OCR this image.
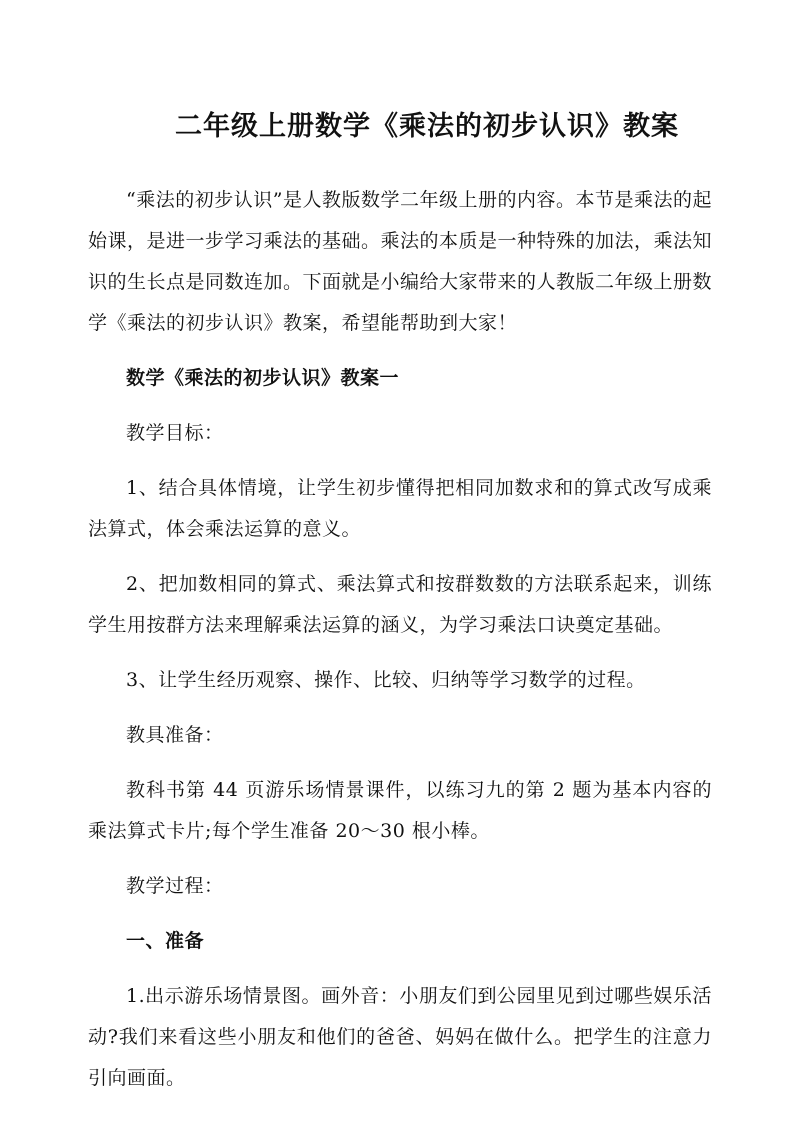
二年级上册数学《乘法的初步认识》教案

“乘法的初步认识”是人教版数学二年级上册的内容。本节是乘法的起始课，是进一步学习乘法的基础。乘法的本质是一种特殊的加法，乘法知识的生长点是同数连加。下面就是小编给大家带来的人教版二年级上册数学《乘法的初步认识》教案，希望能帮助到大家！

数学《乘法的初步认识》教案一

教学目标：

1、结合具体情境，让学生初步懂得把相同加数求和的算式改写成乘法算式，体会乘法运算的意义。

2、把加数相同的算式、乘法算式和按群数数的方法联系起来，训练学生用按群方法来理解乘法运算的涵义，为学习乘法口诀奠定基础。

3、让学生经历观察、操作、比较、归纳等学习数学的过程。

教具准备：

教科书第 44 页游乐场情景课件，以练习九的第 2 题为基本内容的乘法算式卡片;每个学生准备 20～30 根小棒。

教学过程：

一、准备

1.出示游乐场情景图。画外音：小朋友们到公园里见到过哪些娱乐活动?我们来看这些小朋友和他们的爸爸、妈妈在做什么。把学生的注意力引向画面。
